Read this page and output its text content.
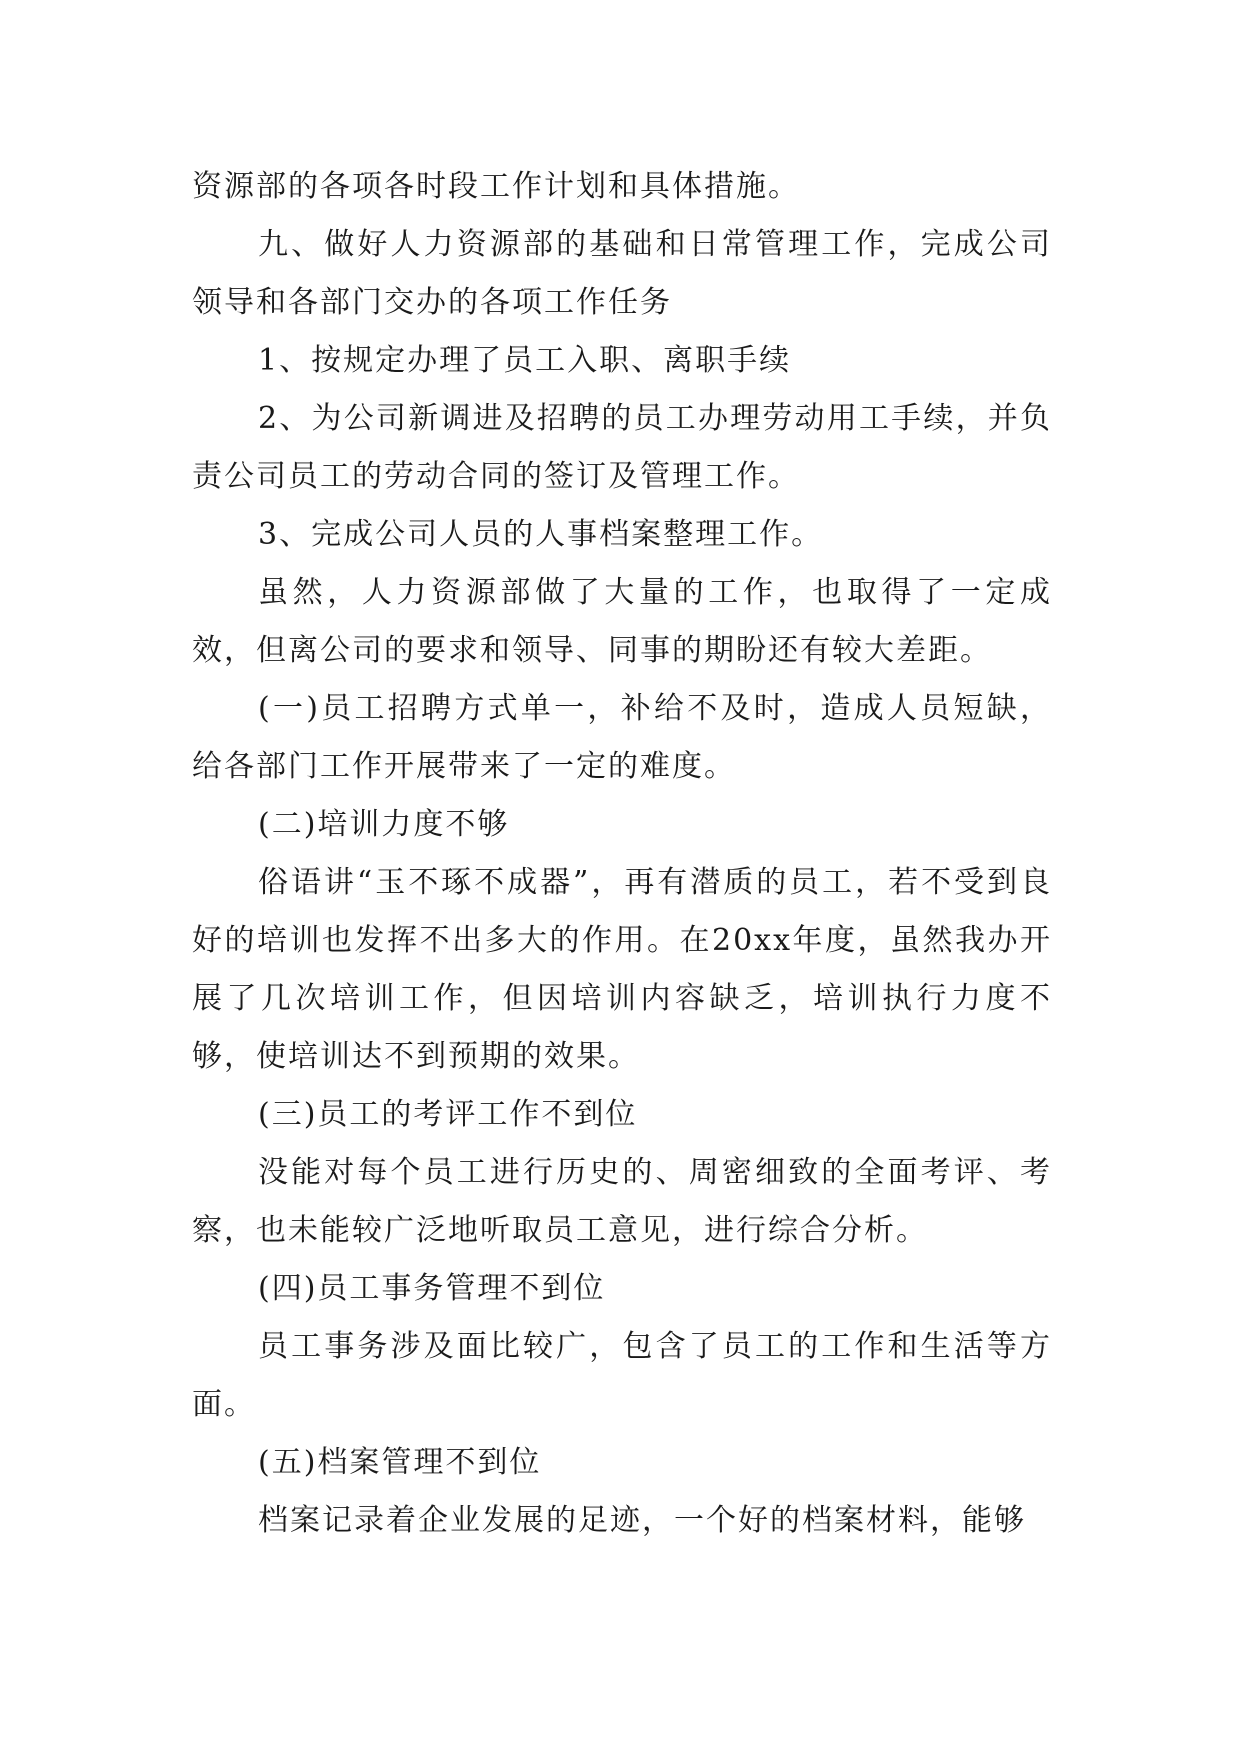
资源部的各项各时段工作计划和具体措施。

九、做好人力资源部的基础和日常管理工作，完成公司领导和各部门交办的各项工作任务

1、按规定办理了员工入职、离职手续

2、为公司新调进及招聘的员工办理劳动用工手续，并负责公司员工的劳动合同的签订及管理工作。

3、完成公司人员的人事档案整理工作。

虽然，人力资源部做了大量的工作，也取得了一定成效，但离公司的要求和领导、同事的期盼还有较大差距。

(一)员工招聘方式单一，补给不及时，造成人员短缺，给各部门工作开展带来了一定的难度。

(二)培训力度不够

俗语讲“玉不琢不成器”，再有潜质的员工，若不受到良好的培训也发挥不出多大的作用。在20xx年度，虽然我办开展了几次培训工作，但因培训内容缺乏，培训执行力度不够，使培训达不到预期的效果。

(三)员工的考评工作不到位

没能对每个员工进行历史的、周密细致的全面考评、考察，也未能较广泛地听取员工意见，进行综合分析。

(四)员工事务管理不到位

员工事务涉及面比较广，包含了员工的工作和生活等方面。

(五)档案管理不到位

档案记录着企业发展的足迹，一个好的档案材料，能够
